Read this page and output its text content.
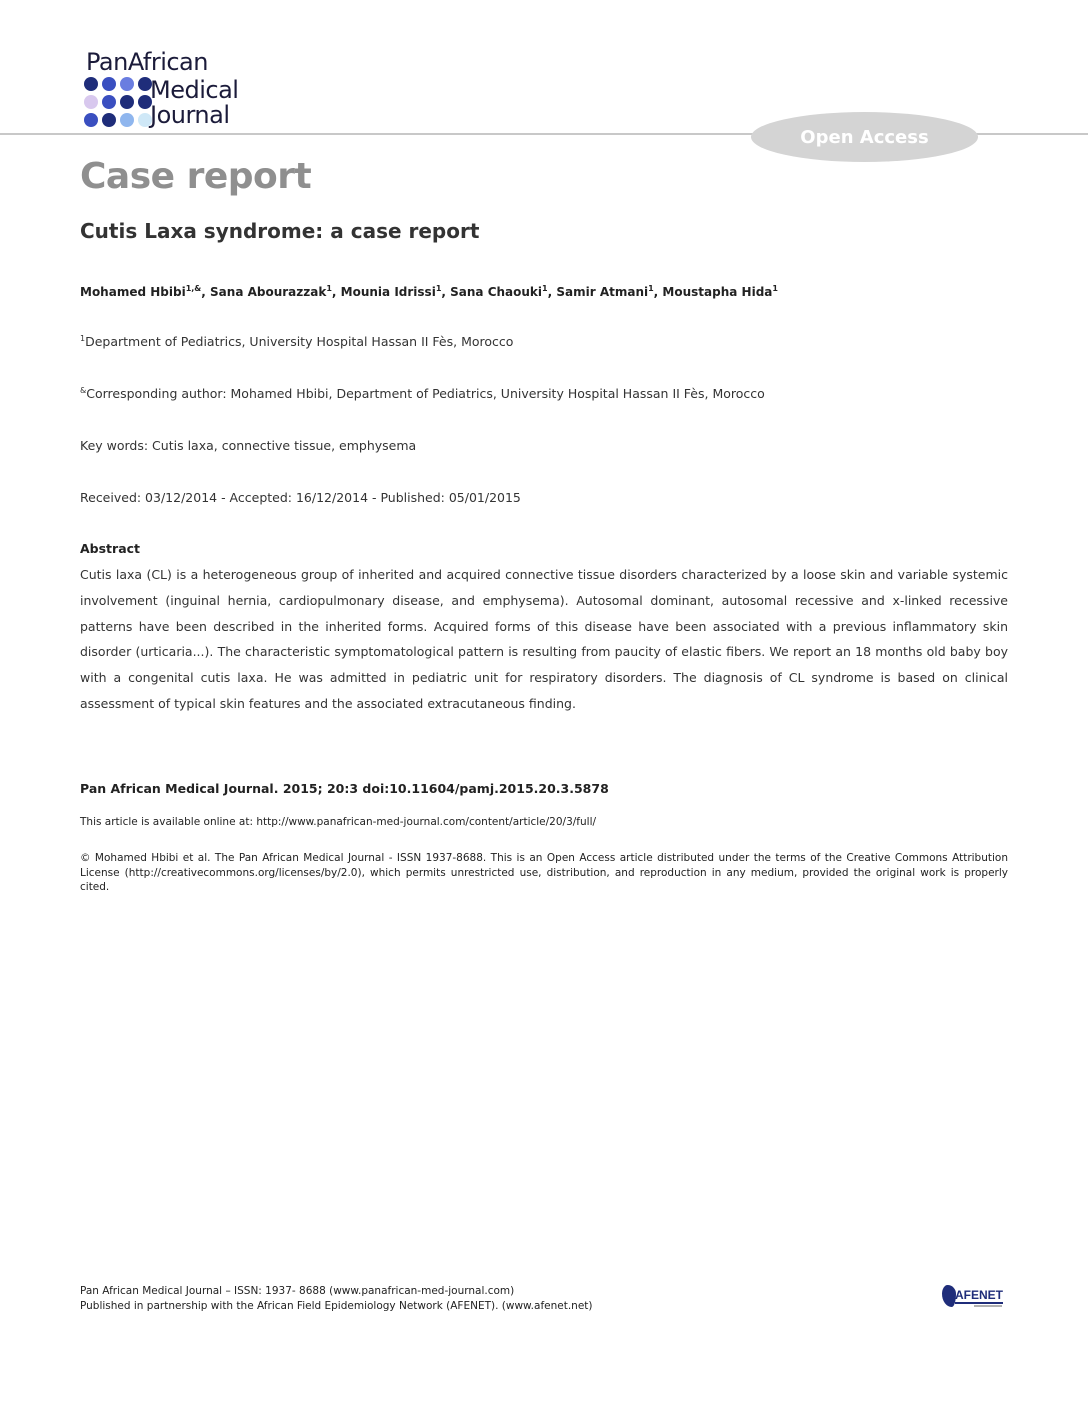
PanAfrican
Medical
Journal
Open Access
Case report
Cutis Laxa syndrome: a case report
Mohamed Hbibi$^{1,\&}$, Sana Abourazzak$^1$, Mounia Idrissi$^1$, Sana Chaouki$^1$, Samir Atmani$^1$, Moustapha Hida$^1$
$^1$Department of Pediatrics, University Hospital Hassan II Fès, Morocco
&Corresponding author: Mohamed Hbibi, Department of Pediatrics, University Hospital Hassan II Fès, Morocco
Key words: Cutis laxa, connective tissue, emphysema
Received: 03/12/2014 - Accepted: 16/12/2014 - Published: 05/01/2015
Abstract
Cutis laxa (CL) is a heterogeneous group of inherited and acquired connective tissue disorders characterized by a loose skin and variable systemic involvement (inguinal hernia, cardiopulmonary disease, and emphysema). Autosomal dominant, autosomal recessive and x-linked recessive patterns have been described in the inherited forms. Acquired forms of this disease have been associated with a previous inflammatory skin disorder (urticaria...). The characteristic symptomatological pattern is resulting from paucity of elastic fibers. We report an 18 months old baby boy with a congenital cutis laxa. He was admitted in pediatric unit for respiratory disorders. The diagnosis of CL syndrome is based on clinical assessment of typical skin features and the associated extracutaneous finding.
Pan African Medical Journal. 2015; 20:3 doi:10.11604/pamj.2015.20.3.5878
This article is available online at: http://www.panafrican-med-journal.com/content/article/20/3/full/
© Mohamed Hbibi et al. The Pan African Medical Journal - ISSN 1937-8688. This is an Open Access article distributed under the terms of the Creative Commons Attribution License (http://creativecommons.org/licenses/by/2.0), which permits unrestricted use, distribution, and reproduction in any medium, provided the original work is properly cited.
Pan African Medical Journal – ISSN: 1937- 8688 (www.panafrican-med-journal.com)
Published in partnership with the African Field Epidemiology Network (AFENET). (www.afenet.net)
AFENET
